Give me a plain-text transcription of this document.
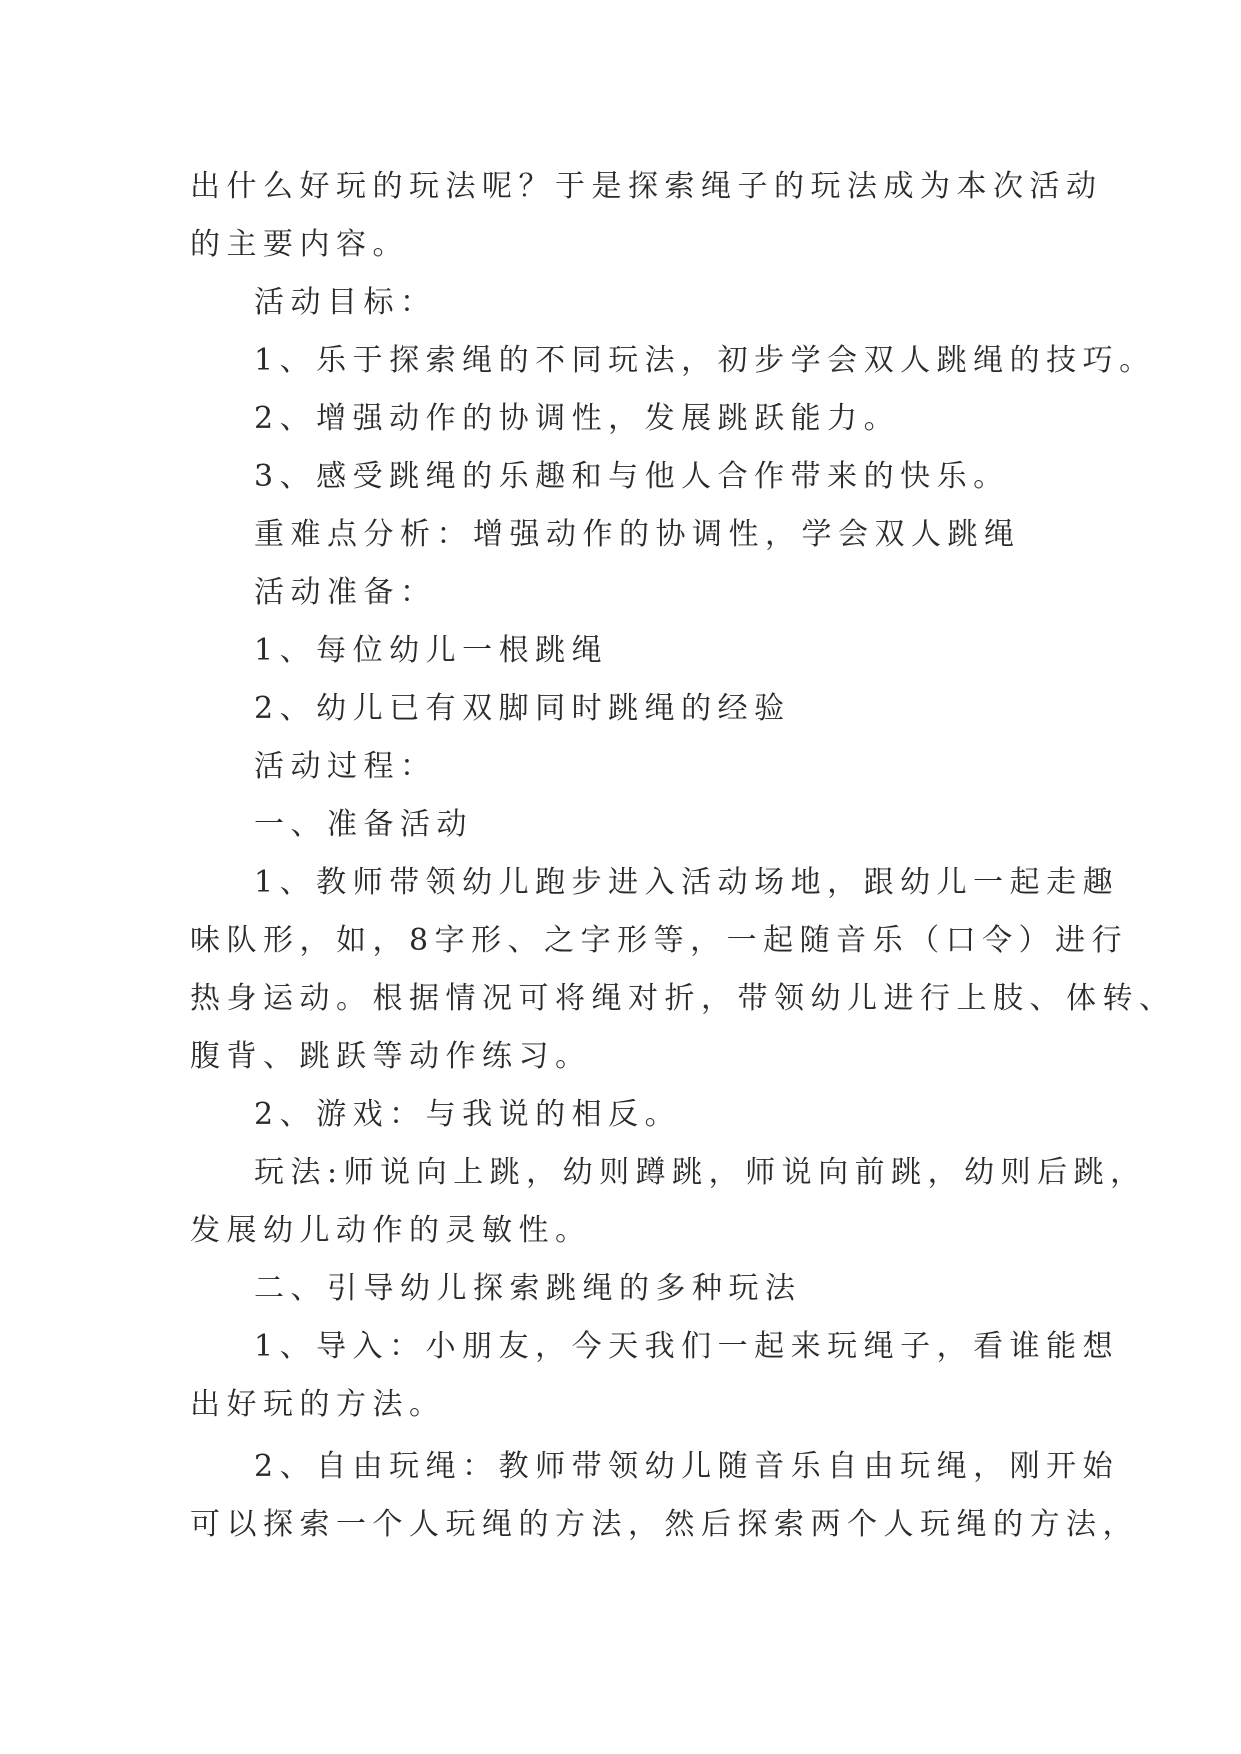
出什么好玩的玩法呢？于是探索绳子的玩法成为本次活动
的主要内容。
活动目标：
1、乐于探索绳的不同玩法，初步学会双人跳绳的技巧。
2、增强动作的协调性，发展跳跃能力。
3、感受跳绳的乐趣和与他人合作带来的快乐。
重难点分析：增强动作的协调性，学会双人跳绳
活动准备：
1、每位幼儿一根跳绳
2、幼儿已有双脚同时跳绳的经验
活动过程：
一、准备活动
1、教师带领幼儿跑步进入活动场地，跟幼儿一起走趣
味队形，如，8字形、之字形等，一起随音乐（口令）进行
热身运动。根据情况可将绳对折，带领幼儿进行上肢、体转、
腹背、跳跃等动作练习。
2、游戏：与我说的相反。
玩法:师说向上跳，幼则蹲跳，师说向前跳，幼则后跳，
发展幼儿动作的灵敏性。
二、引导幼儿探索跳绳的多种玩法
1、导入：小朋友，今天我们一起来玩绳子，看谁能想
出好玩的方法。
2、自由玩绳：教师带领幼儿随音乐自由玩绳，刚开始
可以探索一个人玩绳的方法，然后探索两个人玩绳的方法，
